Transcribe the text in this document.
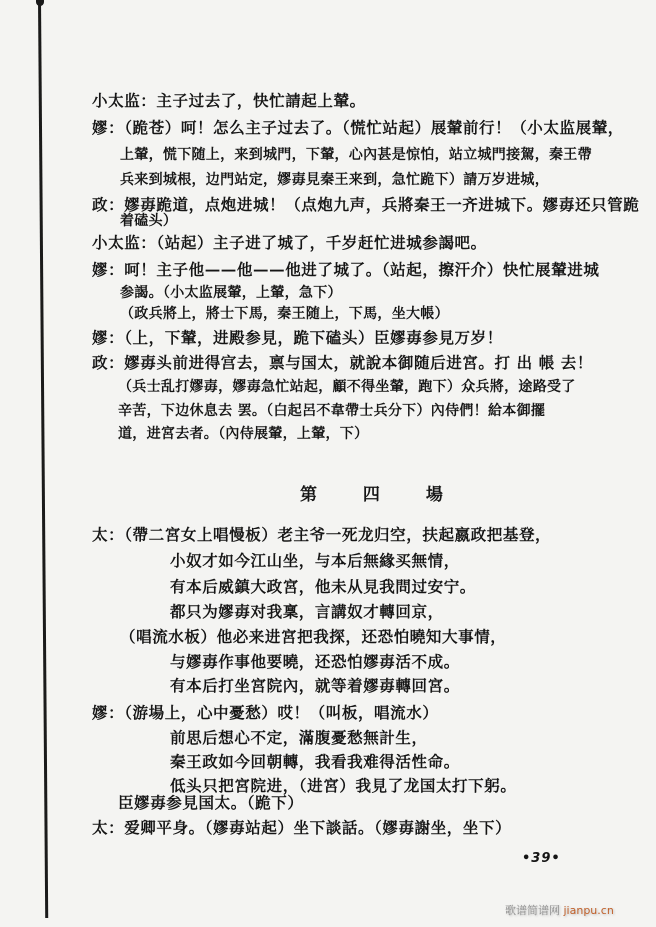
小太监：主子过去了，快忙請起上輦。
嫪：（跪苍）呵！怎么主子过去了。（慌忙站起）展輦前行！（小太监展輦，
上輦，慌下随上，来到城門，下輦，心內甚是惊怕，站立城門接駕，秦王帶
兵来到城根，边門站定，嫪毐見秦王来到，急忙跪下）請万岁进城，
政：嫪毐跪道，点炮进城！（点炮九声，兵將秦王一齐进城下。嫪毐还只管跪
着磕头）
小太监：（站起）主子进了城了，千岁赶忙进城参謁吧。
嫪：呵！主子他——他——他进了城了。（站起，擦汗介）快忙展輦进城
参謁。（小太监展輦，上輦，急下）
（政兵將上，將士下馬，秦王随上，下馬，坐大帳）
嫪：（上，下輦，进殿参見，跪下磕头）臣嫪毐参見万岁！
政：嫪毐头前进得宫去，禀与国太，就說本御随后进宮。打 出 帳 去！
（兵士乱打嫪毐，嫪毐急忙站起，顧不得坐輦，跑下）众兵將，途路受了
辛苦，下边休息去 罢。（白起呂不韋帶士兵分下）內侍們！給本御擺
道，进宮去者。（內侍展輦，上輦，下）
第 四 場
太：（帶二宮女上唱慢板）老主爷一死龙归空，扶起嬴政把基登，
小奴才如今江山坐，与本后無緣买無情，
有本后威鎮大政宮，他未从見我問过安宁。
都只为嫪毐对我稟，言講奴才轉回京，
（唱流水板）他必来进宮把我探，还恐怕曉知大事情，
与嫪毐作事他要曉，还恐怕嫪毐活不成。
有本后打坐宮院內，就等着嫪毐轉回宮。
嫪：（游場上，心中憂愁）哎！（叫板，唱流水）
前思后想心不定，滿腹憂愁無計生，
秦王政如今回朝轉，我看我难得活性命。
低头只把宮院进，（进宮）我見了龙国太打下躬。
臣嫪毐参見国太。（跪下）
太：爱卿平身。（嫪毐站起）坐下談話。（嫪毐謝坐，坐下）
•39•
歌谱简谱网 jianpu.cn
